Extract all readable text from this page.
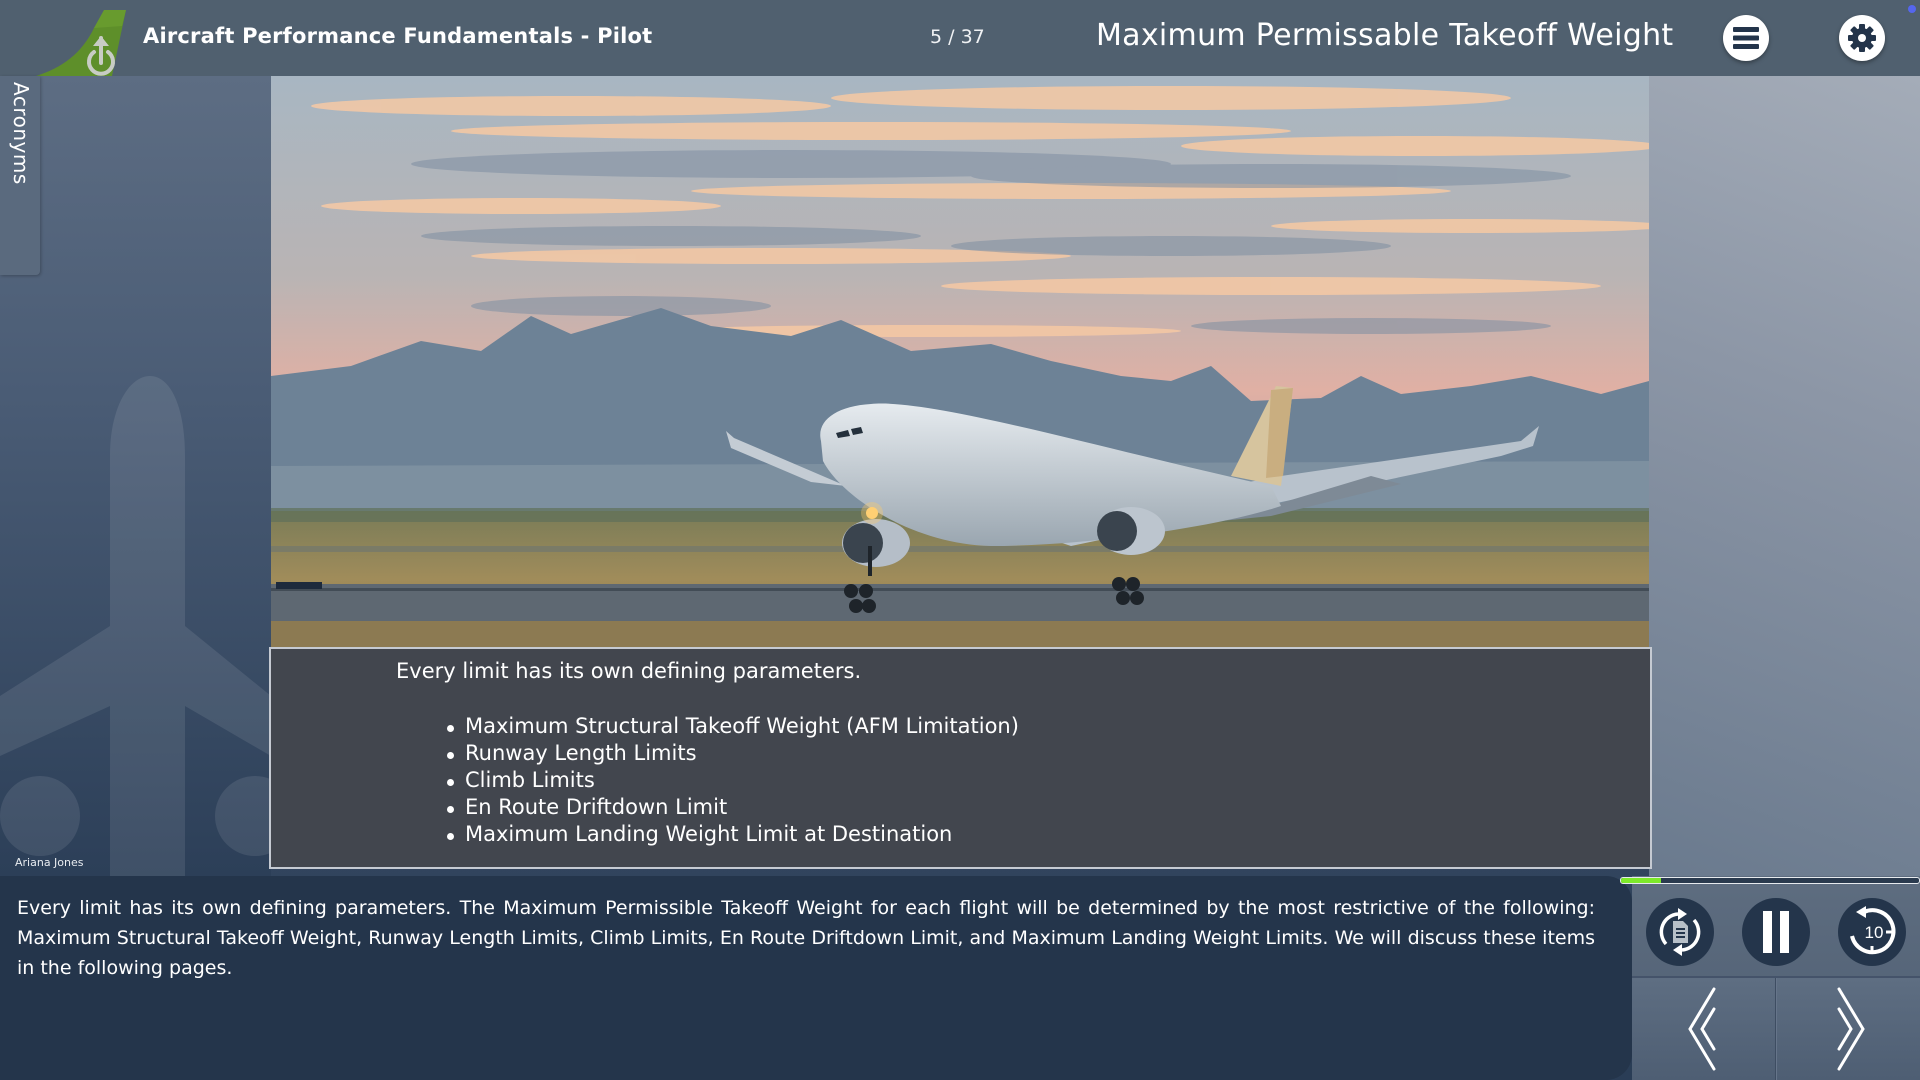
Aircraft Performance Fundamentals - Pilot	5 / 37	Maximum Permissable Takeoff Weight
Acronyms
Every limit has its own defining parameters.
Maximum Structural Takeoff Weight (AFM Limitation)
Runway Length Limits
Climb Limits
En Route Driftdown Limit
Maximum Landing Weight Limit at Destination
Ariana Jones

Every limit has its own defining parameters. The Maximum Permissible Takeoff Weight for each flight will be determined by the most restrictive of the following: Maximum Structural Takeoff Weight, Runway Length Limits, Climb Limits, En Route Driftdown Limit, and Maximum Landing Weight Limits. We will discuss these items in the following pages.

10
